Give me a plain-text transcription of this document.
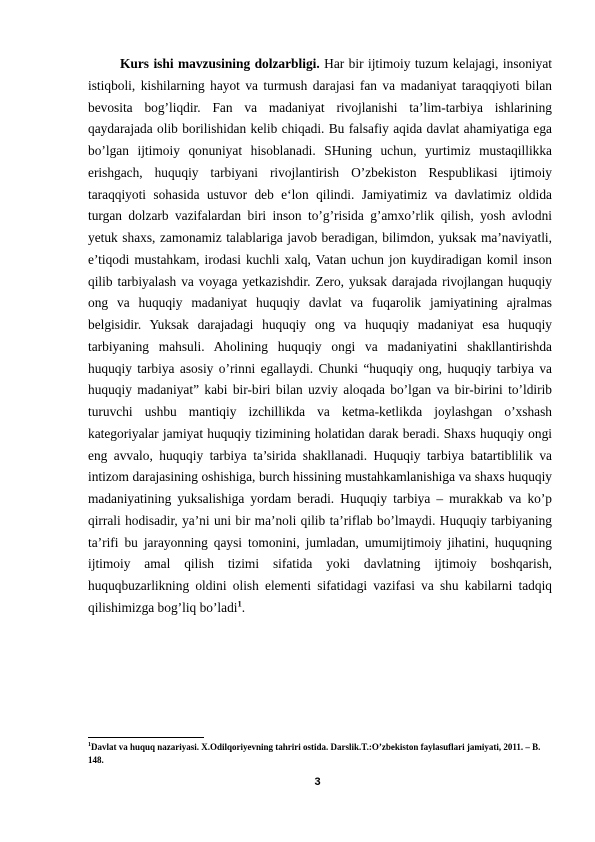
Kurs ishi mavzusining dolzarbligi. Har bir ijtimoiy tuzum kelajagi, insoniyat istiqboli, kishilarning hayot va turmush darajasi fan va madaniyat taraqqiyoti bilan bevosita bog’liqdir. Fan va madaniyat rivojlanishi ta’lim-tarbiya ishlarining qaydarajada olib borilishidan kelib chiqadi. Bu falsafiy aqida davlat ahamiyatiga ega bo’lgan ijtimoiy qonuniyat hisoblanadi. SHuning uchun, yurtimiz mustaqillikka erishgach, huquqiy tarbiyani rivojlantirish O’zbekiston Respublikasi ijtimoiy taraqqiyoti sohasida ustuvor deb e‘lon qilindi. Jamiyatimiz va davlatimiz oldida turgan dolzarb vazifalardan biri inson to’g’risida g’amxo’rlik qilish, yosh avlodni yetuk shaxs, zamonamiz talablariga javob beradigan, bilimdon, yuksak ma’naviyatli, e’tiqodi mustahkam, irodasi kuchli xalq, Vatan uchun jon kuydiradigan komil inson qilib tarbiyalash va voyaga yetkazishdir. Zero, yuksak darajada rivojlangan huquqiy ong va huquqiy madaniyat huquqiy davlat va fuqarolik jamiyatining ajralmas belgisidir. Yuksak darajadagi huquqiy ong va huquqiy madaniyat esa huquqiy tarbiyaning mahsuli. Aholining huquqiy ongi va madaniyatini shakllantirishda huquqiy tarbiya asosiy o’rinni egallaydi. Chunki “huquqiy ong, huquqiy tarbiya va huquqiy madaniyat” kabi bir-biri bilan uzviy aloqada bo’lgan va bir-birini to’ldirib turuvchi ushbu mantiqiy izchillikda va ketma-ketlikda joylashgan o’xshash kategoriyalar jamiyat huquqiy tizimining holatidan darak beradi. Shaxs huquqiy ongi eng avvalo, huquqiy tarbiya ta’sirida shakllanadi. Huquqiy tarbiya batartiblilik va intizom darajasining oshishiga, burch hissining mustahkamlanishiga va shaxs huquqiy madaniyatining yuksalishiga yordam beradi. Huquqiy tarbiya – murakkab va ko’p qirrali hodisadir, ya’ni uni bir ma’noli qilib ta’riflab bo’lmaydi. Huquqiy tarbiyaning ta’rifi bu jarayonning qaysi tomonini, jumladan, umumijtimoiy jihatini, huquqning ijtimoiy amal qilish tizimi sifatida yoki davlatning ijtimoiy boshqarish, huquqbuzarlikning oldini olish elementi sifatidagi vazifasi va shu kabilarni tadqiq qilishimizga bog’liq bo’ladi$^1$.

$^1$Davlat va huquq nazariyasi. X.Odilqoriyevning tahriri ostida. Darslik.T.:O’zbekiston faylasuflari jamiyati, 2011. – B. 148.

3
